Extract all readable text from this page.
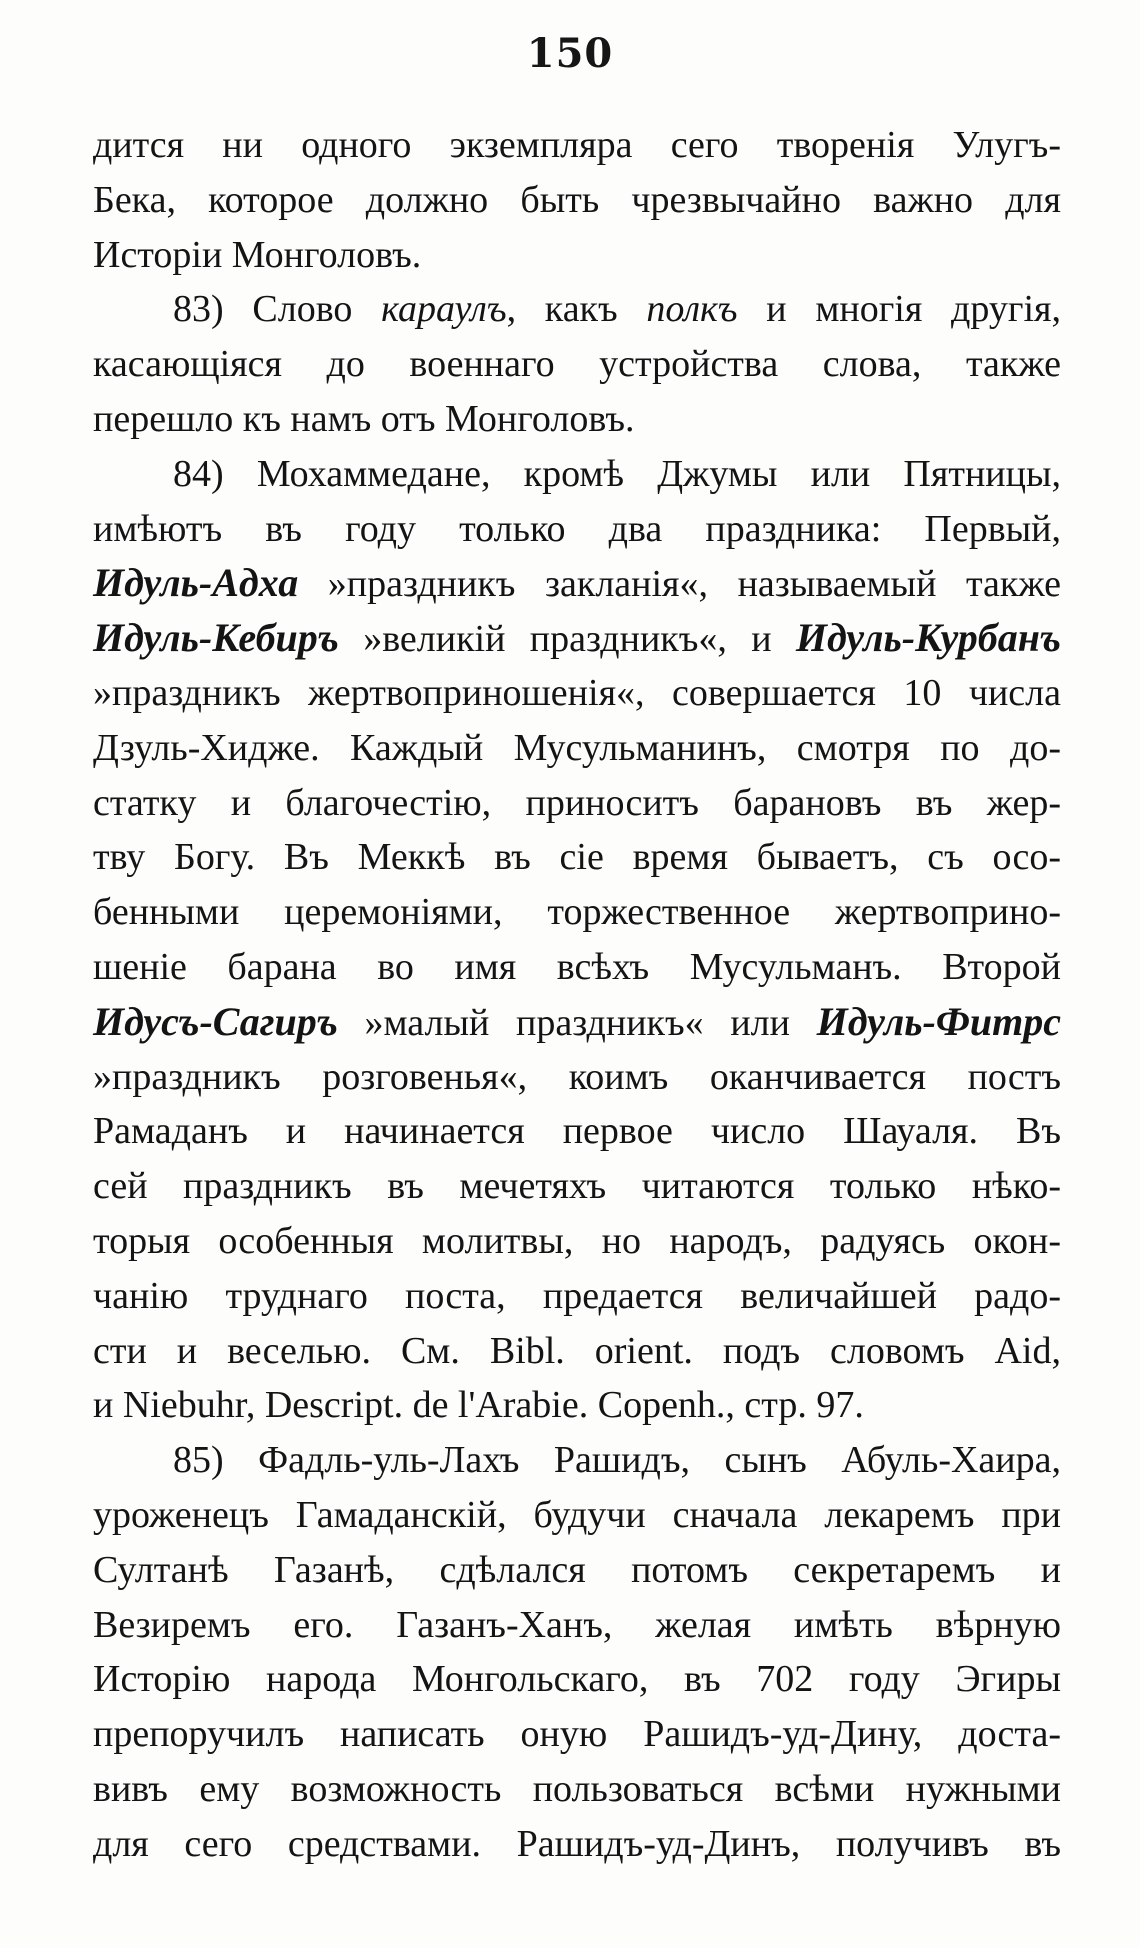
150
дится ни одного экземпляра сего творенія Улугъ-
Бека, которое должно быть чрезвычайно важно для
Исторіи Монголовъ.
83) Слово караулъ, какъ полкъ и многія другія,
касающіяся до военнаго устройства слова, также
перешло къ намъ отъ Монголовъ.
84) Мохаммедане, кромѣ Джумы или Пятницы,
имѣютъ въ году только два праздника: Первый,
Идуль-Адха »праздникъ закланія«, называемый также
Идуль-Кебиръ »великій праздникъ«, и Идуль-Курбанъ
»праздникъ жертвоприношенія«, совершается 10 числа
Дзуль-Хидже. Каждый Мусульманинъ, смотря по до-
статку и благочестію, приноситъ барановъ въ жер-
тву Богу. Въ Меккѣ въ сіе время бываетъ, съ осо-
бенными церемоніями, торжественное жертвоприно-
шеніе барана во имя всѣхъ Мусульманъ. Второй
Идусъ-Сагиръ »малый праздникъ« или Идуль-Фитрс
»праздникъ розговенья«, коимъ оканчивается постъ
Рамаданъ и начинается первое число Шауаля. Въ
сей праздникъ въ мечетяхъ читаются только нѣко-
торыя особенныя молитвы, но народъ, радуясь окон-
чанію труднаго поста, предается величайшей радо-
сти и веселью. См. Bibl. orient. подъ словомъ Aid,
и Niebuhr, Descript. de l'Arabie. Copenh., стр. 97.
85) Фадль-уль-Лахъ Рашидъ, сынъ Абуль-Хаира,
уроженецъ Гамаданскій, будучи сначала лекаремъ при
Султанѣ Газанѣ, сдѣлался потомъ секретаремъ и
Везиремъ его. Газанъ-Ханъ, желая имѣть вѣрную
Исторію народа Монгольскаго, въ 702 году Эгиры
препоручилъ написать оную Рашидъ-уд-Дину, доста-
вивъ ему возможность пользоваться всѣми нужными
для сего средствами. Рашидъ-уд-Динъ, получивъ въ
